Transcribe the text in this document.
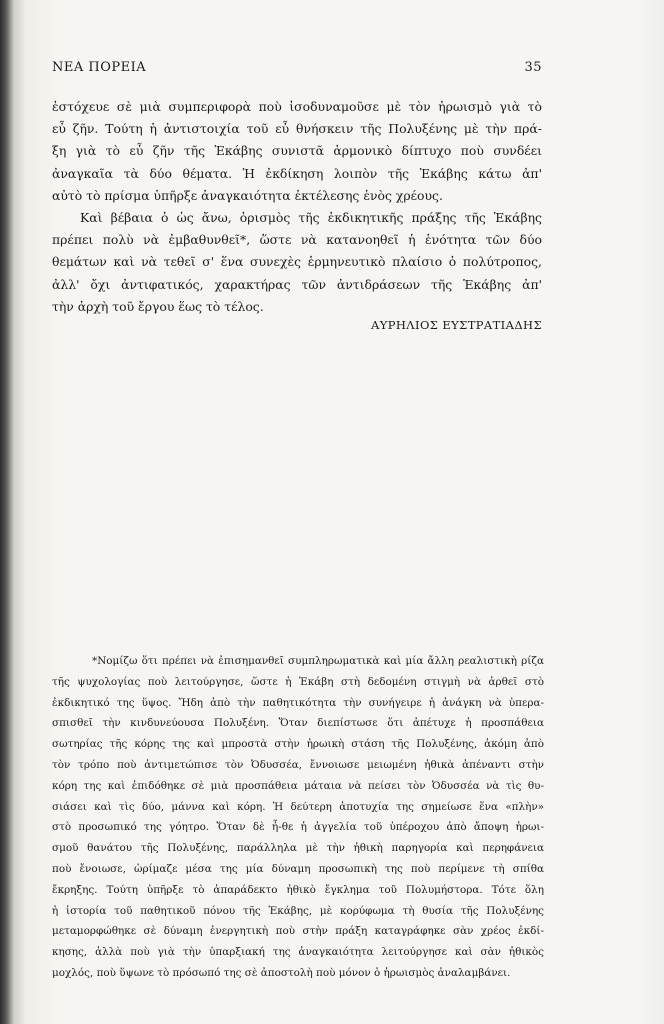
ΝΕΑ ΠΟΡΕΙΑ	35
ἐστόχευε σὲ μιὰ συμπεριφορὰ ποὺ ἰσοδυναμοῦσε μὲ τὸν ἡρωισμὸ γιὰ τὸ
εὖ ζῆν. Τούτη ἡ ἀντιστοιχία τοῦ εὖ θνήσκειν τῆς Πολυξένης μὲ τὴν πρά-
ξη γιὰ τὸ εὖ ζῆν τῆς Ἑκάβης συνιστᾶ ἁρμονικὸ δίπτυχο ποὺ συνδέει
ἀναγκαῖα τὰ δύο θέματα. Ἡ ἐκδίκηση λοιπὸν τῆς Ἑκάβης κάτω ἀπ'
αὐτὸ τὸ πρίσμα ὑπῆρξε ἀναγκαιότητα ἐκτέλεσης ἑνὸς χρέους.
Καὶ βέβαια ὁ ὡς ἄνω, ὁρισμὸς τῆς ἐκδικητικῆς πράξης τῆς Ἑκάβης
πρέπει πολὺ νὰ ἐμβαθυνθεῖ*, ὥστε νὰ κατανοηθεῖ ἡ ἑνότητα τῶν δύο
θεμάτων καὶ νὰ τεθεῖ σ' ἕνα συνεχὲς ἑρμηνευτικὸ πλαίσιο ὁ πολύτροπος,
ἀλλ' ὄχι ἀντιφατικός, χαρακτήρας τῶν ἀντιδράσεων τῆς Ἑκάβης ἀπ'
τὴν ἀρχὴ τοῦ ἔργου ἕως τὸ τέλος.
ΑΥΡΗΛΙΟΣ ΕΥΣΤΡΑΤΙΑΔΗΣ
*Νομίζω ὅτι πρέπει νὰ ἐπισημανθεῖ συμπληρωματικὰ καὶ μία ἄλλη ρεαλιστικὴ ρίζα
τῆς ψυχολογίας ποὺ λειτούργησε, ὥστε ἡ Ἑκάβη στὴ δεδομένη στιγμὴ νὰ ἀρθεῖ στὸ
ἐκδικητικό της ὕψος. Ἤδη ἀπὸ τὴν παθητικότητα τὴν συνήγειρε ἡ ἀνάγκη νὰ ὑπερα-
σπισθεῖ τὴν κινδυνεύουσα Πολυξένη. Ὅταν διεπίστωσε ὅτι ἀπέτυχε ἡ προσπάθεια
σωτηρίας τῆς κόρης της καὶ μπροστὰ στὴν ἡρωικὴ στάση τῆς Πολυξένης, ἀκόμη ἀπὸ
τὸν τρόπο ποὺ ἀντιμετώπισε τὸν Ὀδυσσέα, ἔννοιωσε μειωμένη ἠθικὰ ἀπέναντι στὴν
κόρη της καὶ ἐπιδόθηκε σὲ μιὰ προσπάθεια μάταια νὰ πείσει τὸν Ὀδυσσέα νὰ τὶς θυ-
σιάσει καὶ τὶς δύο, μάννα καὶ κόρη. Ἡ δεύτερη ἀποτυχία της σημείωσε ἕνα «πλὴν»
στὸ προσωπικό της γόητρο. Ὅταν δὲ ἦ-θε ἡ ἀγγελία τοῦ ὑπέροχου ἀπὸ ἄποψη ἡρωι-
σμοῦ θανάτου τῆς Πολυξένης, παράλληλα μὲ τὴν ἠθικὴ παρηγορία καὶ περηφάνεια
ποὺ ἔνοιωσε, ὡρίμαζε μέσα της μία δύναμη προσωπικὴ της ποὺ περίμενε τὴ σπίθα
ἔκρηξης. Τούτη ὑπῆρξε τὸ ἀπαράδεκτο ἠθικὸ ἔγκλημα τοῦ Πολυμήστορα. Τότε ὅλη
ἡ ἱστορία τοῦ παθητικοῦ πόνου τῆς Ἑκάβης, μὲ κορύφωμα τὴ θυσία τῆς Πολυξένης
μεταμορφώθηκε σὲ δύναμη ἐνεργητικὴ ποὺ στὴν πράξη καταγράφηκε σὰν χρέος ἐκδί-
κησης, ἀλλὰ ποὺ γιὰ τὴν ὑπαρξιακή της ἀναγκαιότητα λειτούργησε καὶ σὰν ἠθικὸς
μοχλός, ποὺ ὕψωνε τὸ πρόσωπό της σὲ ἀποστολὴ ποὺ μόνον ὁ ἡρωισμὸς ἀναλαμβάνει.
